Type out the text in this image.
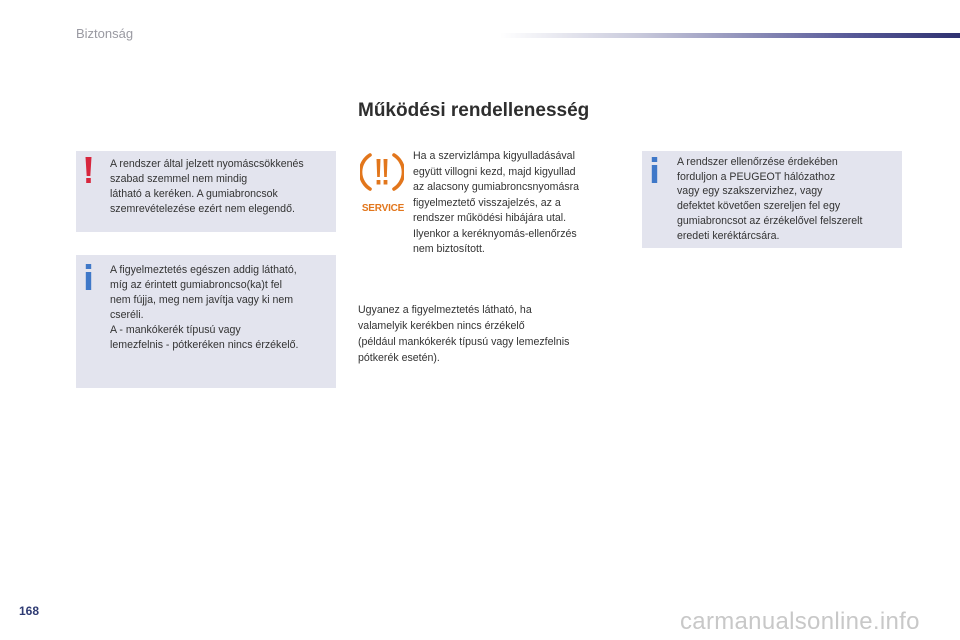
Biztonság
Működési rendellenesség
A rendszer által jelzett nyomáscsökkenés
szabad szemmel nem mindig
látható a keréken. A gumiabroncsok
szemrevételezése ezért nem elegendő.
A figyelmeztetés egészen addig látható,
míg az érintett gumiabroncso(ka)t fel
nem fújja, meg nem javítja vagy ki nem
cseréli.
A - mankókerék típusú vagy
lemezfelnis - pótkeréken nincs érzékelő.
SERVICE
Ha a szervizlámpa kigyulladásával
együtt villogni kezd, majd kigyullad
az alacsony gumiabroncsnyomásra
figyelmeztető visszajelzés, az a
rendszer működési hibájára utal.
Ilyenkor a keréknyomás-ellenőrzés
nem biztosított.
Ugyanez a figyelmeztetés látható, ha
valamelyik kerékben nincs érzékelő
(például mankókerék típusú vagy lemezfelnis
pótkerék esetén).
A rendszer ellenőrzése érdekében
forduljon a PEUGEOT hálózathoz
vagy egy szakszervizhez, vagy
defektet követően szereljen fel egy
gumiabroncsot az érzékelővel felszerelt
eredeti keréktárcsára.
168	carmanualsonline.info
